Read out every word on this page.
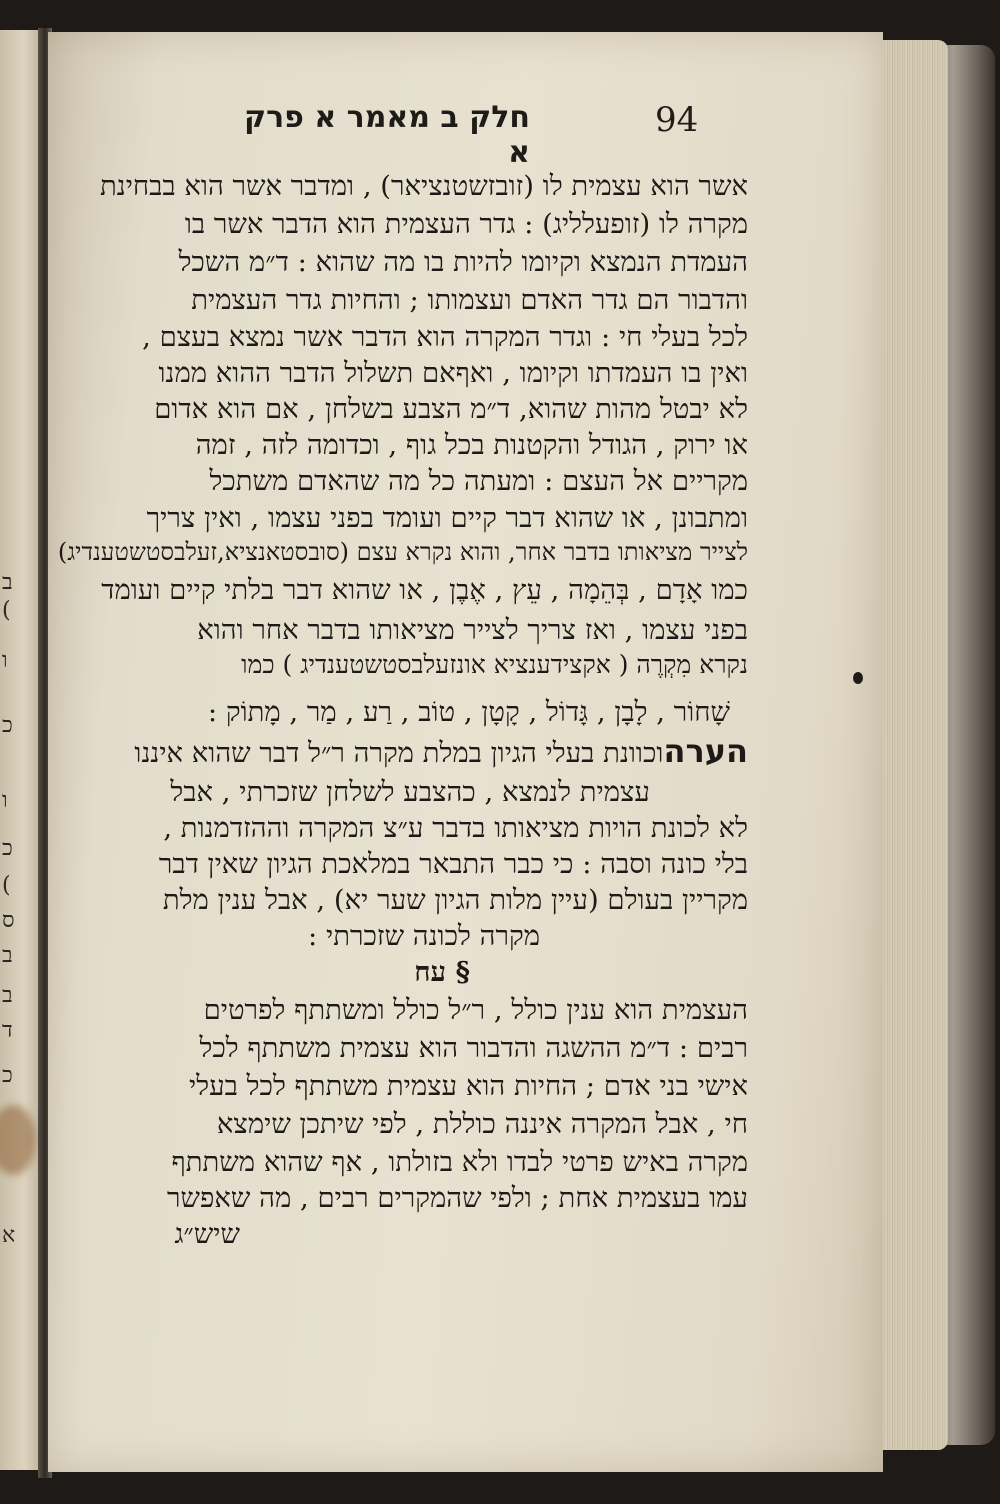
ב
(
ו
כ
ו
כ
(
ס
ב
ב
ד
כ
א
חלק ב מאמר א פרק א
94
אשר הוא עצמית לו (זובזשטנציאר) , ומדבר אשר הוא בבחינת
מקרה לו (זופעלליג) : גדר העצמית הוא הדבר אשר בו
העמדת הנמצא וקיומו להיות בו מה שהוא : ד״מ השכל
והדבור הם גדר האדם ועצמותו ; והחיות גדר העצמית
לכל בעלי חי : וגדר המקרה הוא הדבר אשר נמצא בעצם ,
ואין בו העמדתו וקיומו , ואףאם תשלול הדבר ההוא ממנו
לא יבטל מהות שהוא, ד״מ הצבע בשלחן , אם הוא אדום
או ירוק , הגודל והקטנות בכל גוף , וכדומה לזה , זמה
מקריים אל העצם : ומעתה כל מה שהאדם משתכל
ומתבונן , או שהוא דבר קיים ועומד בפני עצמו , ואין צריך
לצייר מציאותו בדבר אחר, והוא נקרא עצם (סובסטאנציא,זעלבסטשטענדיג)
כמו אָדָם , בְּהֵמָה , עֵץ , אֶבֶן , או שהוא דבר בלתי קיים ועומד
בפני עצמו , ואז צריך לצייר מציאותו בדבר אחר והוא
נקרא מִקְרֶה ( אקצידענציא אונזעלבסטשטענדיג ) כמו
שָׁחוֹר , לָבָן , גָּדוֹל , קָטָן , טוֹב , רַע , מַר , מָתוֹק :
הערהוכוונת בעלי הגיון במלת מקרה ר״ל דבר שהוא איננו
עצמית לנמצא , כהצבע לשלחן שזכרתי , אבל
לא לכונת הויות מציאותו בדבר ע״צ המקרה וההזדמנות ,
בלי כונה וסבה : כי כבר התבאר במלאכת הגיון שאין דבר
מקריין בעולם (עיין מלות הגיון שער יא) , אבל ענין מלת
מקרה לכונה שזכרתי :
§ עח
העצמית הוא ענין כולל , ר״ל כולל ומשתתף לפרטים
רבים : ד״מ ההשגה והדבור הוא עצמית משתתף לכל
אישי בני אדם ; החיות הוא עצמית משתתף לכל בעלי
חי , אבל המקרה איננה כוללת , לפי שיתכן שימצא
מקרה באיש פרטי לבדו ולא בזולתו , אף שהוא משתתף
עמו בעצמית אחת ; ולפי שהמקרים רבים , מה שאפשר
שיש״ג
